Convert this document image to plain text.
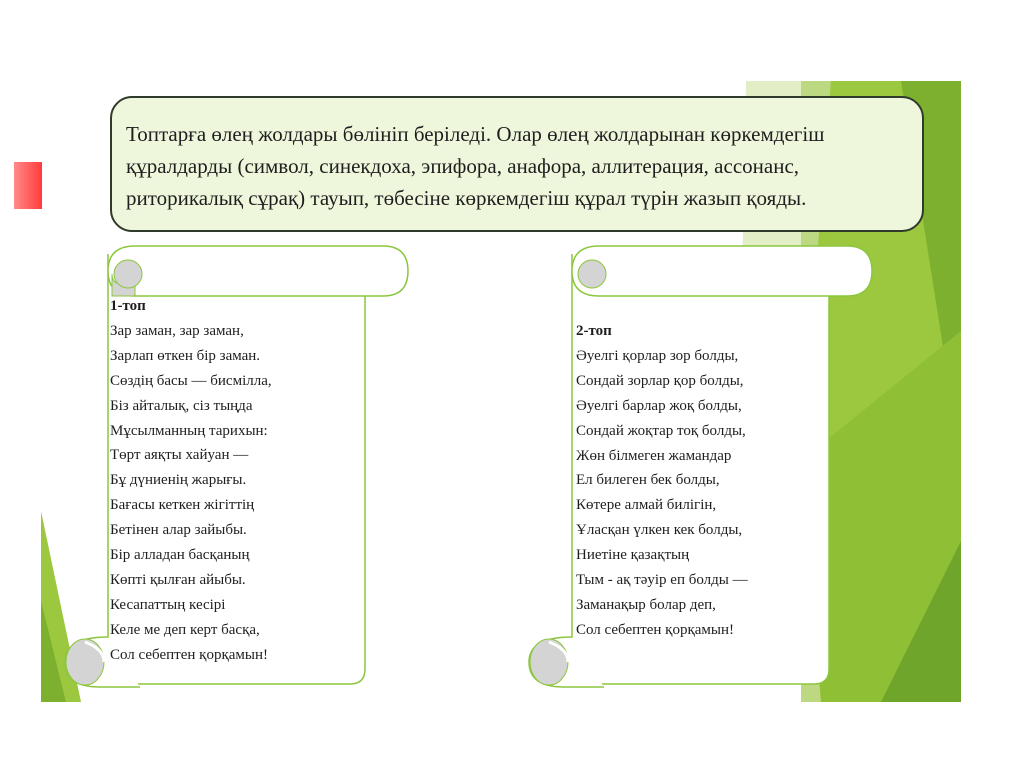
Топтарға өлең жолдары бөлініп беріледі. Олар өлең жолдарынан көркемдегіш құралдарды (символ, синекдоха, эпифора, анафора, аллитерация, ассонанс, риторикалық сұрақ) тауып, төбесіне көркемдегіш құрал түрін жазып қояды.

1-топ
Зар заман, зар заман,
Зарлап өткен бір заман.
Сөздің басы — бисмілла,
Біз айталық, сіз тыңда
Мұсылманның тарихын:
Төрт аяқты хайуан —
Бұ дүниенің жарығы.
Бағасы кеткен жігіттің
Бетінен алар зайыбы.
Бір алладан басқаның
Көпті қылған айыбы.
Кесапаттың кесірі
Келе ме деп керт басқа,
Сол себептен қорқамын!
2-топ
Әуелгі қорлар зор болды,
Сондай зорлар қор болды,
Әуелгі барлар жоқ болды,
Сондай жоқтар тоқ болды,
Жөн білмеген жамандар
Ел билеген бек болды,
Көтере алмай билігін,
Ұласқан үлкен кек болды,
Ниетіне қазақтың
Тым - ақ тәуір еп болды —
Заманақыр болар деп,
Сол себептен қорқамын!
